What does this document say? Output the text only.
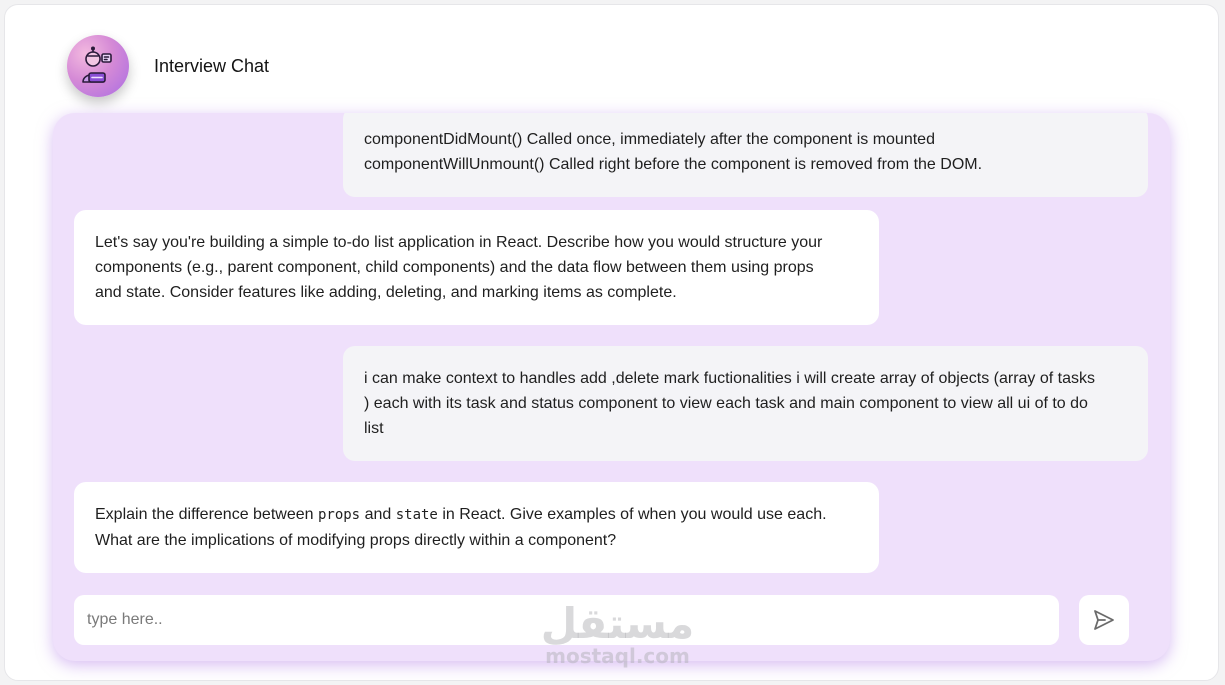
Interview Chat
componentDidMount() Called once, immediately after the component is mounted
componentWillUnmount() Called right before the component is removed from the DOM.
Let's say you're building a simple to-do list application in React. Describe how you would structure your
components (e.g., parent component, child components) and the data flow between them using props
and state. Consider features like adding, deleting, and marking items as complete.
i can make context to handles add ,delete mark fuctionalities i will create array of objects (array of tasks
) each with its task and status component to view each task and main component to view all ui of to do
list
Explain the difference between props and state in React. Give examples of when you would use each.
What are the implications of modifying props directly within a component?
type here..
مستقل
mostaql.com
